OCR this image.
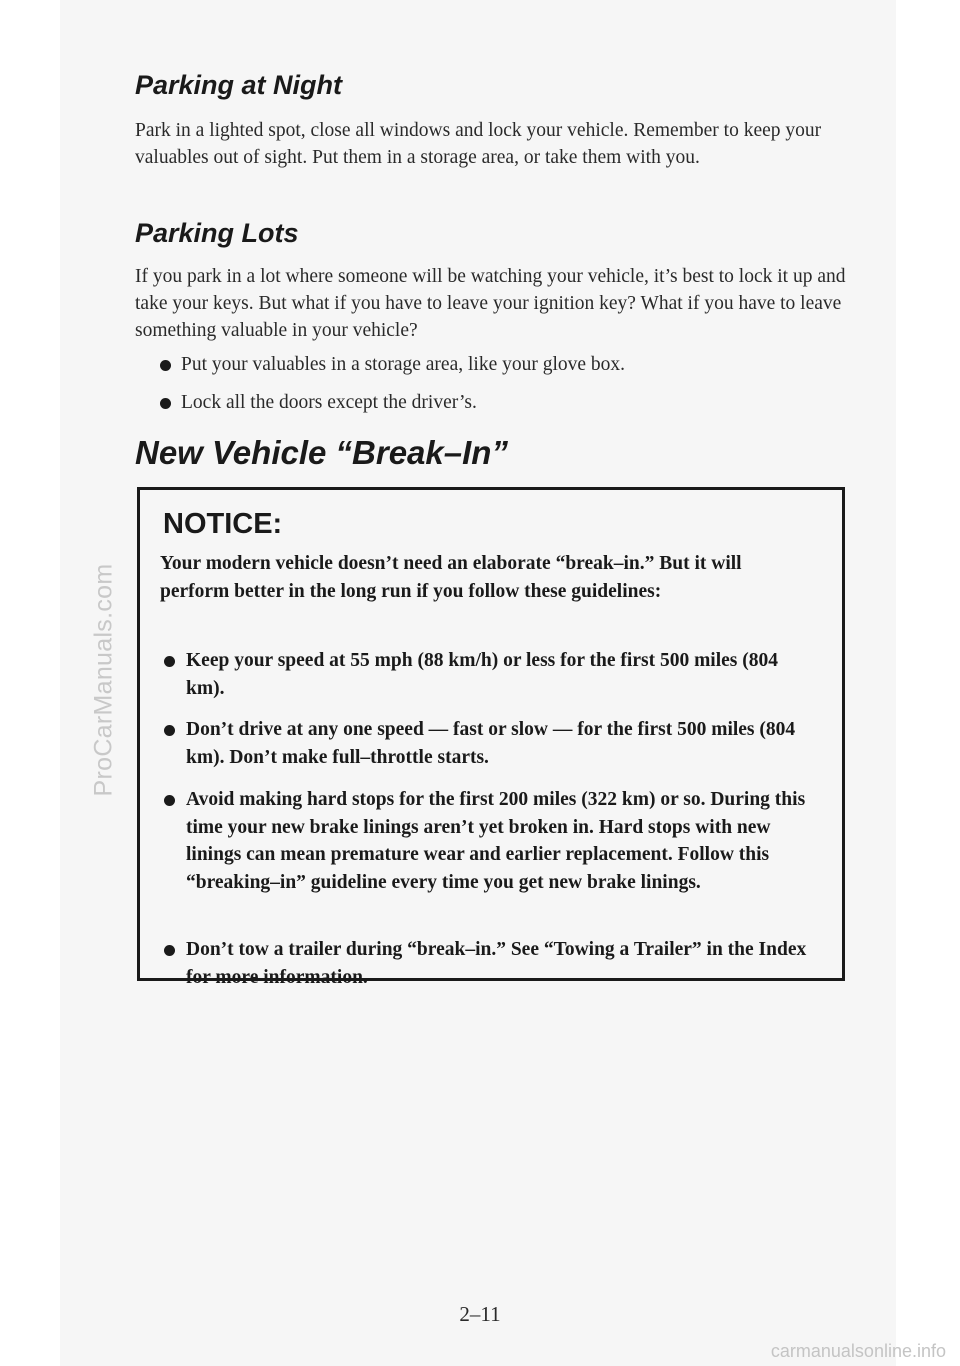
ProCarManuals.com
Parking at Night

Park in a lighted spot, close all windows and lock your vehicle. Remember to keep your valuables out of sight. Put them in a storage area, or take them with you.

Parking Lots

If you park in a lot where someone will be watching your vehicle, it’s best to lock it up and take your keys. But what if you have to leave your ignition key? What if you have to leave something valuable in your vehicle?

Put your valuables in a storage area, like your glove box.

Lock all the doors except the driver’s.

New Vehicle “Break–In”
NOTICE:

Your modern vehicle doesn’t need an elaborate “break–in.” But it will perform better in the long run if you follow these guidelines:

Keep your speed at 55 mph (88 km/h) or less for the first 500 miles (804 km).

Don’t drive at any one speed — fast or slow — for the first 500 miles (804 km). Don’t make full–throttle starts.

Avoid making hard stops for the first 200 miles (322 km) or so. During this time your new brake linings aren’t yet broken in. Hard stops with new linings can mean premature wear and earlier replacement. Follow this “breaking–in” guideline every time you get new brake linings.

Don’t tow a trailer during “break–in.” See “Towing a Trailer” in the Index for more information.

2–11
carmanualsonline.info
